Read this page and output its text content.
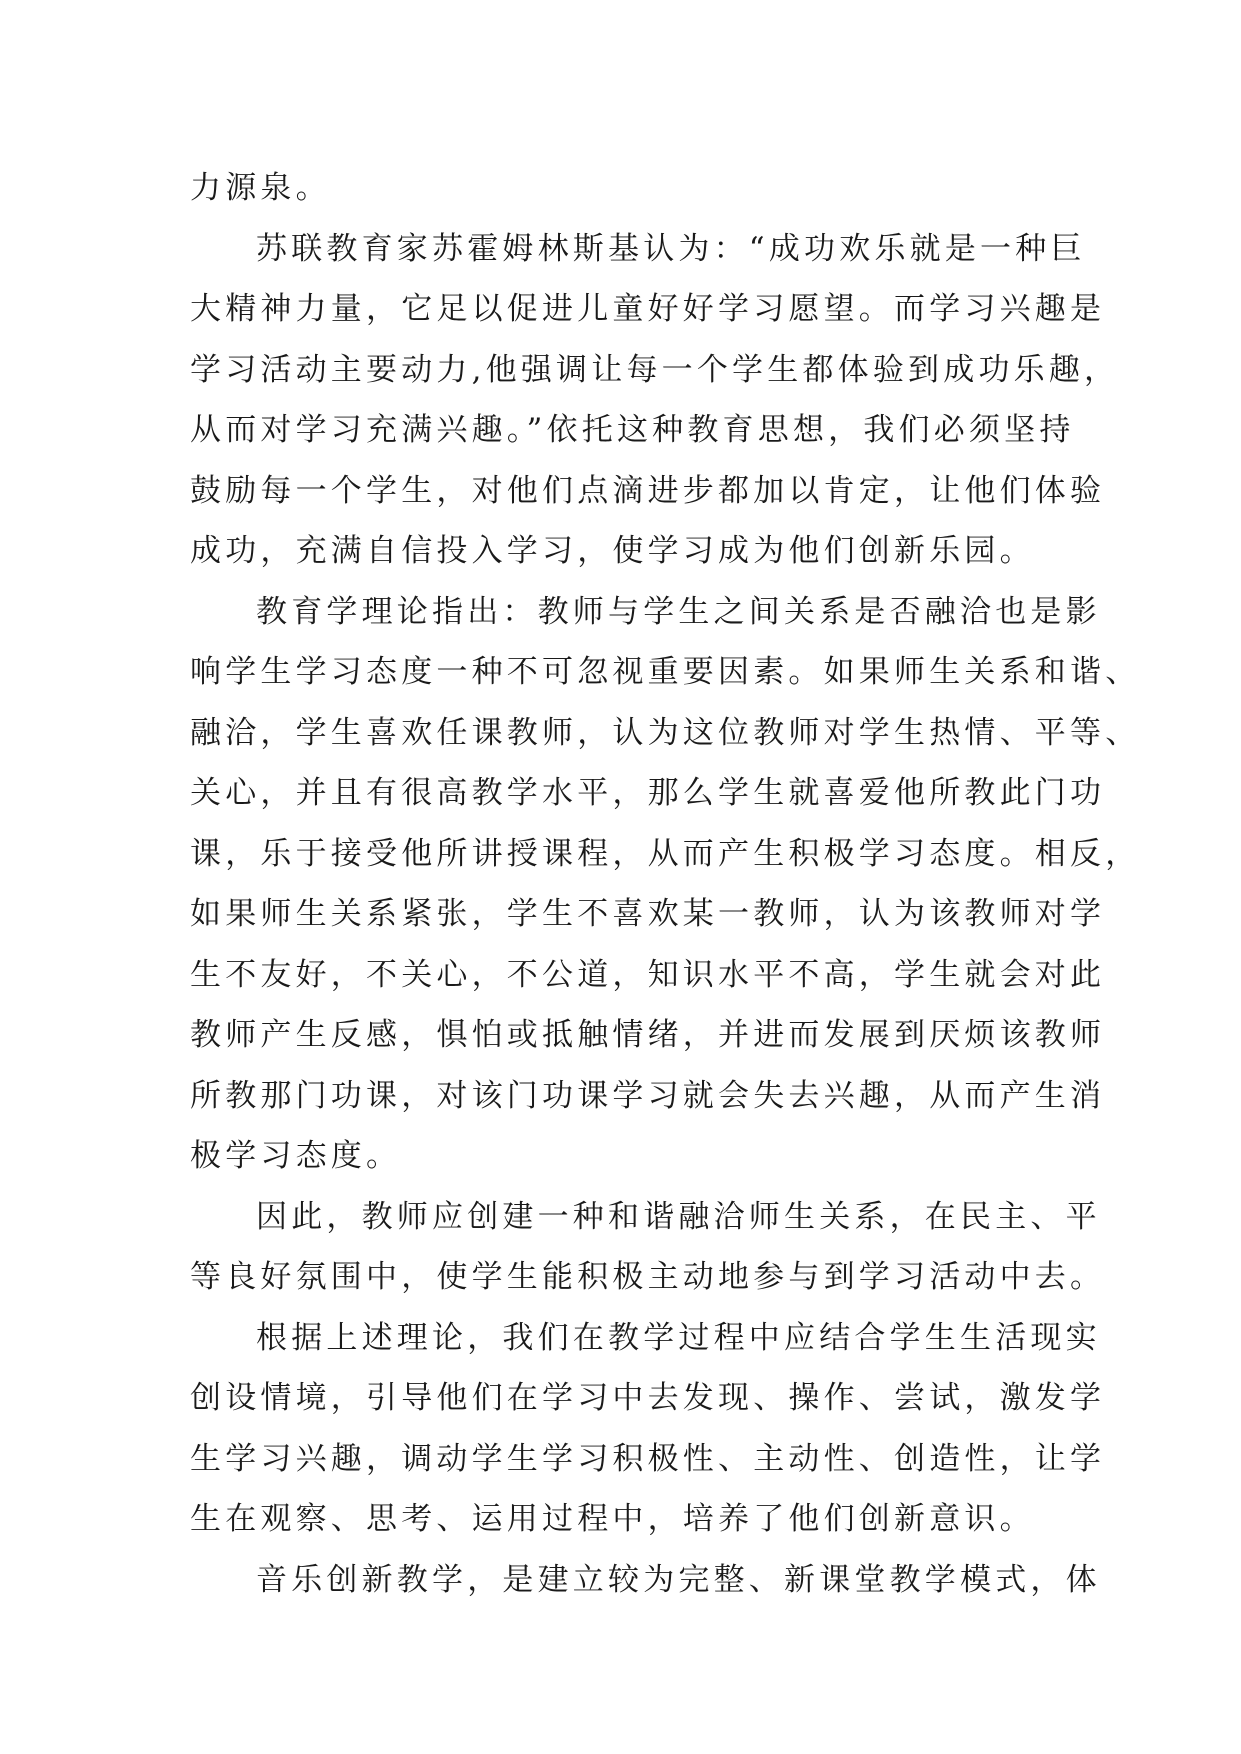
力源泉。
苏联教育家苏霍姆林斯基认为：“成功欢乐就是一种巨
大精神力量，它足以促进儿童好好学习愿望。而学习兴趣是
学习活动主要动力,他强调让每一个学生都体验到成功乐趣，
从而对学习充满兴趣。”依托这种教育思想，我们必须坚持
鼓励每一个学生，对他们点滴进步都加以肯定，让他们体验
成功，充满自信投入学习，使学习成为他们创新乐园。
教育学理论指出：教师与学生之间关系是否融洽也是影
响学生学习态度一种不可忽视重要因素。如果师生关系和谐、
融洽，学生喜欢任课教师，认为这位教师对学生热情、平等、
关心，并且有很高教学水平，那么学生就喜爱他所教此门功
课，乐于接受他所讲授课程，从而产生积极学习态度。相反，
如果师生关系紧张，学生不喜欢某一教师，认为该教师对学
生不友好，不关心，不公道，知识水平不高，学生就会对此
教师产生反感，惧怕或抵触情绪，并进而发展到厌烦该教师
所教那门功课，对该门功课学习就会失去兴趣，从而产生消
极学习态度。
因此，教师应创建一种和谐融洽师生关系，在民主、平
等良好氛围中，使学生能积极主动地参与到学习活动中去。
根据上述理论，我们在教学过程中应结合学生生活现实
创设情境，引导他们在学习中去发现、操作、尝试，激发学
生学习兴趣，调动学生学习积极性、主动性、创造性，让学
生在观察、思考、运用过程中，培养了他们创新意识。
音乐创新教学，是建立较为完整、新课堂教学模式，体
